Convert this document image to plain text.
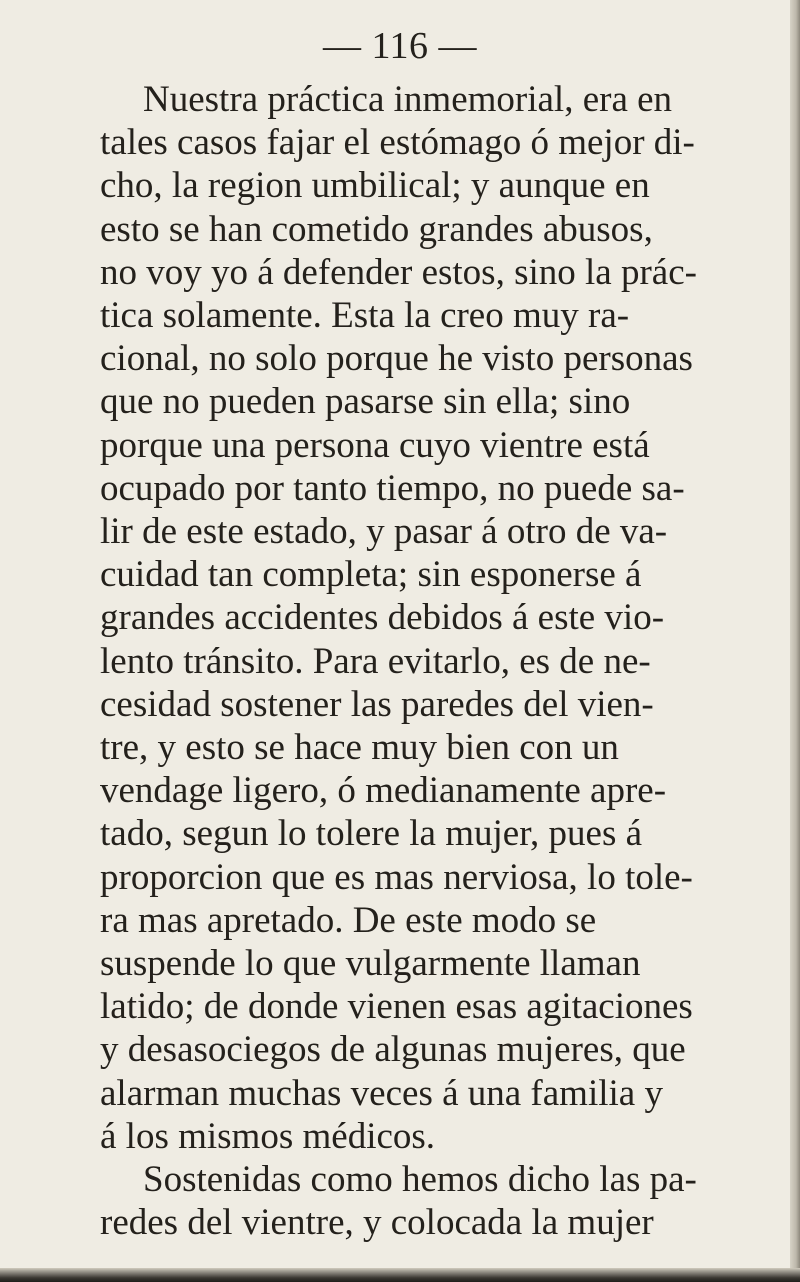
— 116 —
Nuestra práctica inmemorial, era en
tales casos fajar el estómago ó mejor di-
cho, la region umbilical; y aunque en
esto se han cometido grandes abusos,
no voy yo á defender estos, sino la prác-
tica solamente. Esta la creo muy ra-
cional, no solo porque he visto personas
que no pueden pasarse sin ella; sino
porque una persona cuyo vientre está
ocupado por tanto tiempo, no puede sa-
lir de este estado, y pasar á otro de va-
cuidad tan completa; sin esponerse á
grandes accidentes debidos á este vio-
lento tránsito. Para evitarlo, es de ne-
cesidad sostener las paredes del vien-
tre, y esto se hace muy bien con un
vendage ligero, ó medianamente apre-
tado, segun lo tolere la mujer, pues á
proporcion que es mas nerviosa, lo tole-
ra mas apretado. De este modo se
suspende lo que vulgarmente llaman
latido; de donde vienen esas agitaciones
y desasociegos de algunas mujeres, que
alarman muchas veces á una familia y
á los mismos médicos.
Sostenidas como hemos dicho las pa-
redes del vientre, y colocada la mujer
